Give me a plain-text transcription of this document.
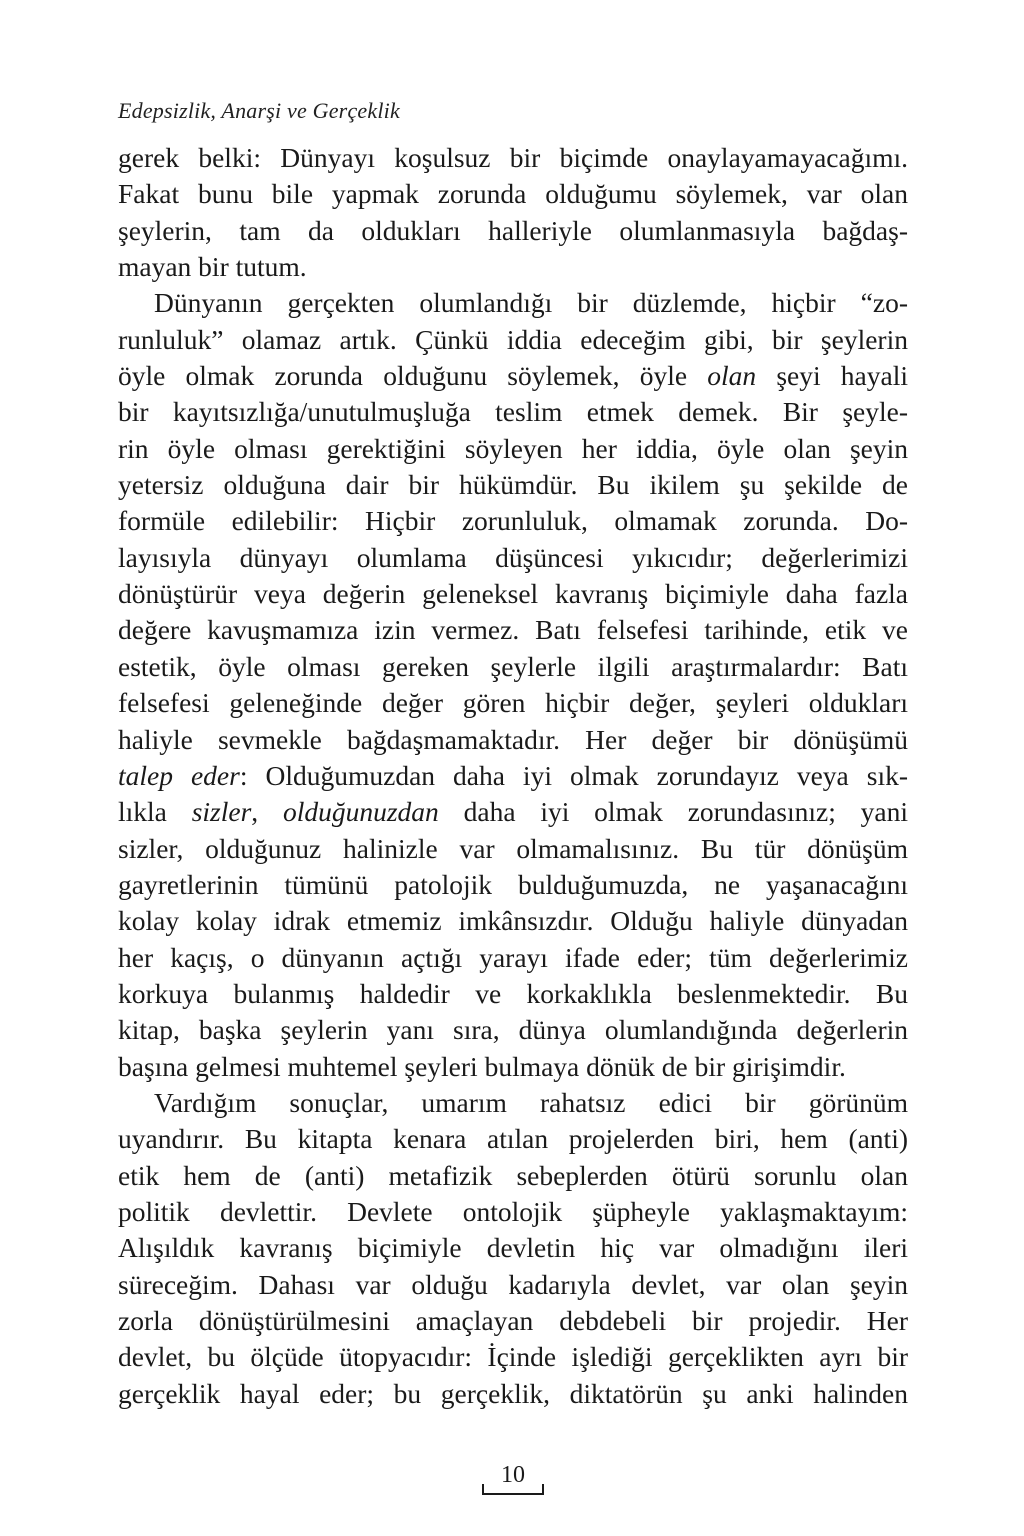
Edepsizlik, Anarşi ve Gerçeklik
gerek belki: Dünyayı koşulsuz bir biçimde onaylayamayacağımı.
Fakat bunu bile yapmak zorunda olduğumu söylemek, var olan
şeylerin, tam da oldukları halleriyle olumlanmasıyla bağdaş-
mayan bir tutum.
Dünyanın gerçekten olumlandığı bir düzlemde, hiçbir “zo-
runluluk” olamaz artık. Çünkü iddia edeceğim gibi, bir şeylerin
öyle olmak zorunda olduğunu söylemek, öyle olan şeyi hayali
bir kayıtsızlığa/unutulmuşluğa teslim etmek demek. Bir şeyle-
rin öyle olması gerektiğini söyleyen her iddia, öyle olan şeyin
yetersiz olduğuna dair bir hükümdür. Bu ikilem şu şekilde de
formüle edilebilir: Hiçbir zorunluluk, olmamak zorunda. Do-
layısıyla dünyayı olumlama düşüncesi yıkıcıdır; değerlerimizi
dönüştürür veya değerin geleneksel kavranış biçimiyle daha fazla
değere kavuşmamıza izin vermez. Batı felsefesi tarihinde, etik ve
estetik, öyle olması gereken şeylerle ilgili araştırmalardır: Batı
felsefesi geleneğinde değer gören hiçbir değer, şeyleri oldukları
haliyle sevmekle bağdaşmamaktadır. Her değer bir dönüşümü
talep eder: Olduğumuzdan daha iyi olmak zorundayız veya sık-
lıkla sizler, olduğunuzdan daha iyi olmak zorundasınız; yani
sizler, olduğunuz halinizle var olmamalısınız. Bu tür dönüşüm
gayretlerinin tümünü patolojik bulduğumuzda, ne yaşanacağını
kolay kolay idrak etmemiz imkânsızdır. Olduğu haliyle dünyadan
her kaçış, o dünyanın açtığı yarayı ifade eder; tüm değerlerimiz
korkuya bulanmış haldedir ve korkaklıkla beslenmektedir. Bu
kitap, başka şeylerin yanı sıra, dünya olumlandığında değerlerin
başına gelmesi muhtemel şeyleri bulmaya dönük de bir girişimdir.
Vardığım sonuçlar, umarım rahatsız edici bir görünüm
uyandırır. Bu kitapta kenara atılan projelerden biri, hem (anti)
etik hem de (anti) metafizik sebeplerden ötürü sorunlu olan
politik devlettir. Devlete ontolojik şüpheyle yaklaşmaktayım:
Alışıldık kavranış biçimiyle devletin hiç var olmadığını ileri
süreceğim. Dahası var olduğu kadarıyla devlet, var olan şeyin
zorla dönüştürülmesini amaçlayan debdebeli bir projedir. Her
devlet, bu ölçüde ütopyacıdır: İçinde işlediği gerçeklikten ayrı bir
gerçeklik hayal eder; bu gerçeklik, diktatörün şu anki halinden
10
